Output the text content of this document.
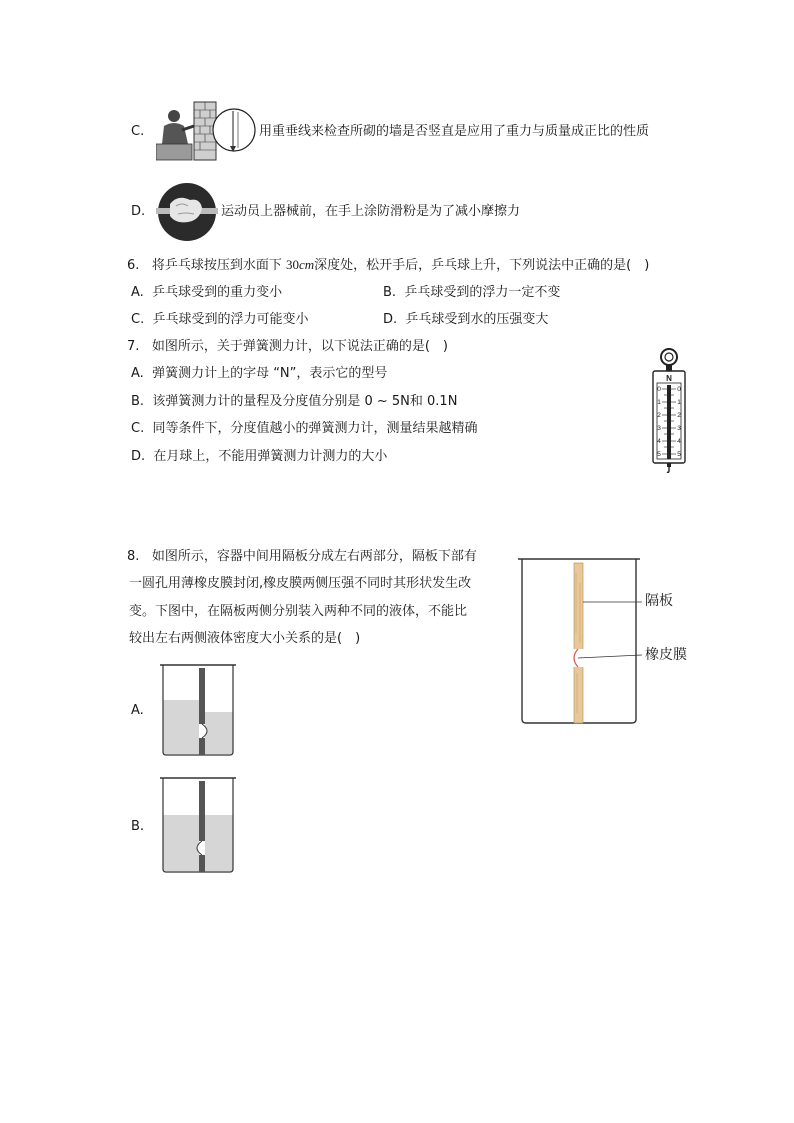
C.	用重垂线来检查所砌的墙是否竖直是应用了重力与质量成正比的性质
D.	运动员上器械前，在手上涂防滑粉是为了减小摩擦力
6. 将乒乓球按压到水面下 30cm深度处，松开手后，乒乓球上升，下列说法中正确的是(　)
A. 乒乓球受到的重力变小	B. 乒乓球受到的浮力一定不变
C. 乒乓球受到的浮力可能变小	D. 乒乓球受到水的压强变大
7. 如图所示，关于弹簧测力计，以下说法正确的是(　)
A. 弹簧测力计上的字母 “N”，表示它的型号
B. 该弹簧测力计的量程及分度值分别是 0 ~ 5N和 0.1N
C. 同等条件下，分度值越小的弹簧测力计，测量结果越精确
D. 在月球上，不能用弹簧测力计测力的大小
N
0
1
2
3
4
5
0
1
2
3
4
5
8. 如图所示，容器中间用隔板分成左右两部分，隔板下部有
一圆孔用薄橡皮膜封闭,橡皮膜两侧压强不同时其形状发生改
变。下图中，在隔板两侧分别装入两种不同的液体，不能比
较出左右两侧液体密度大小关系的是(　)
隔板
橡皮膜
A.
B.
